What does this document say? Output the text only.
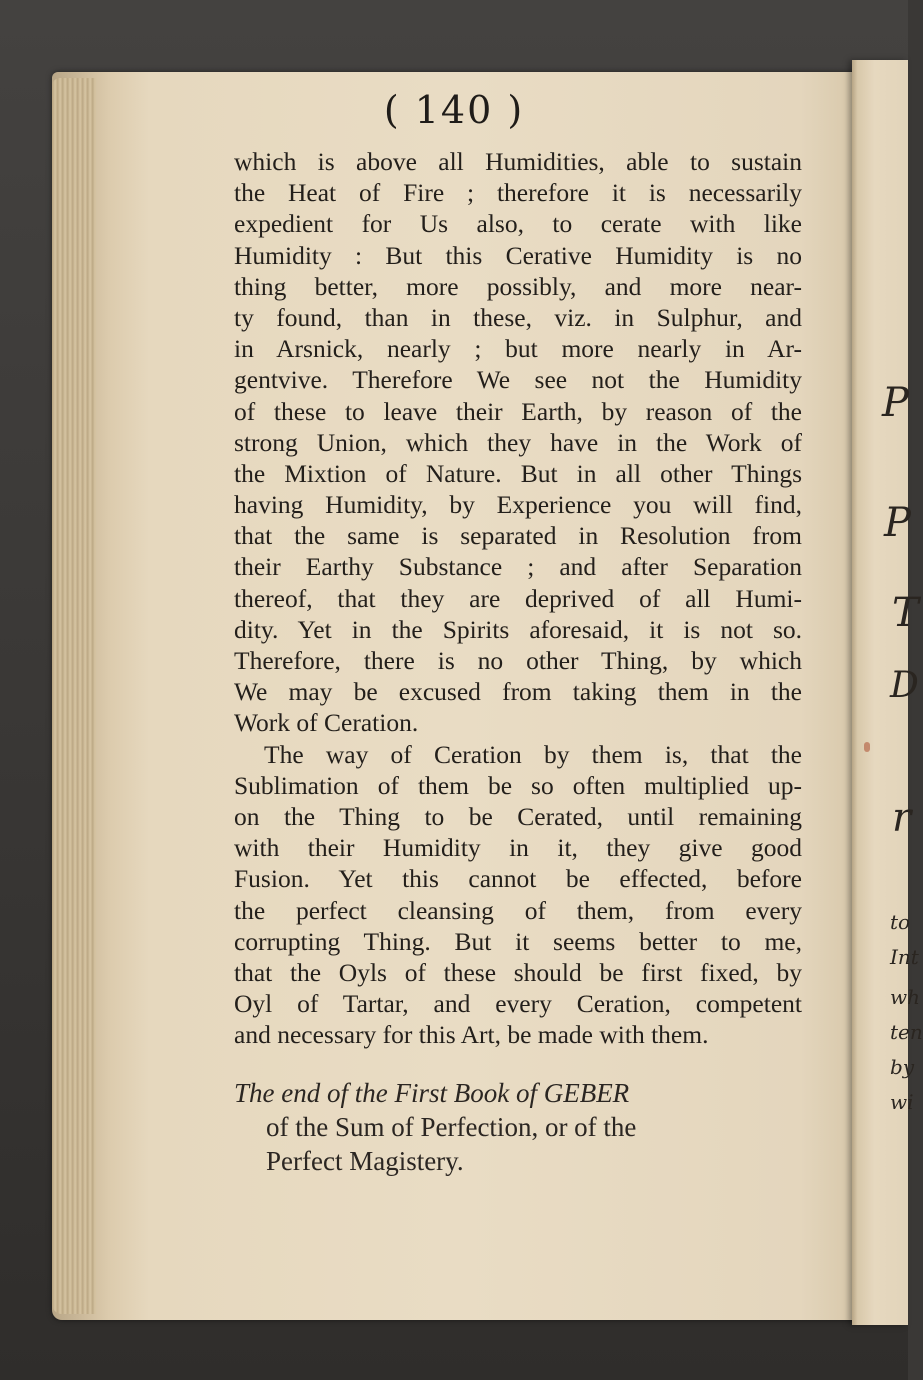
P
P
T
D
r
to
Int
wh
ten
by
wi
( 140 )
which is above all Humidities, able to sustain
the Heat of Fire ; therefore it is necessarily
expedient for Us also, to cerate with like
Humidity : But this Cerative Humidity is no
thing better, more possibly, and more near-
ty found, than in these, viz. in Sulphur, and
in Arsnick, nearly ; but more nearly in Ar-
gentvive. Therefore We see not the Humidity
of these to leave their Earth, by reason of the
strong Union, which they have in the Work of
the Mixtion of Nature. But in all other Things
having Humidity, by Experience you will find,
that the same is separated in Resolution from
their Earthy Substance ; and after Separation
thereof, that they are deprived of all Humi-
dity. Yet in the Spirits aforesaid, it is not so.
Therefore, there is no other Thing, by which
We may be excused from taking them in the
Work of Ceration.
The way of Ceration by them is, that the
Sublimation of them be so often multiplied up-
on the Thing to be Cerated, until remaining
with their Humidity in it, they give good
Fusion. Yet this cannot be effected, before
the perfect cleansing of them, from every
corrupting Thing. But it seems better to me,
that the Oyls of these should be first fixed, by
Oyl of Tartar, and every Ceration, competent
and necessary for this Art, be made with them.
The end of the First Book of GEBER
of the Sum of Perfection, or of the
Perfect Magistery.
